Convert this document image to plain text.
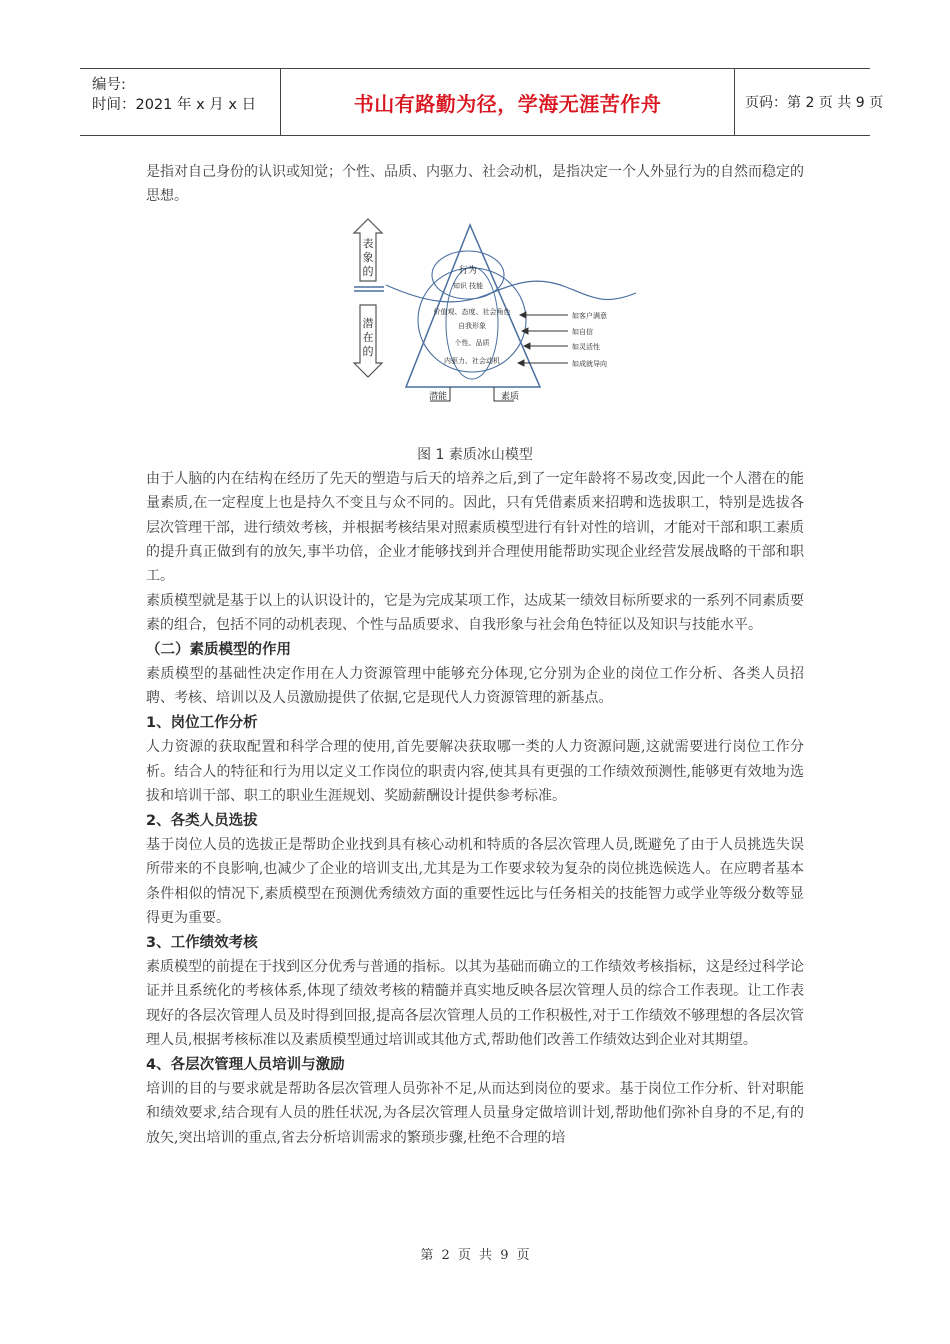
编号:
时间：2021 年 x 月 x 日	书山有路勤为径，学海无涯苦作舟	页码：第 2 页 共 9 页

是指对自己身份的认识或知觉；个性、品质、内驱力、社会动机，是指决定一个人外显行为的自然而稳定的思想。

表
象
的
潜
在
的
行为
知识 技能
价值观、态度、社会角色
自我形象
个性、品质
内驱力、社会动机
潜能	素质
如客户满意
如自信
如灵活性
如成就导向
图 1 素质冰山模型

由于人脑的内在结构在经历了先天的塑造与后天的培养之后,到了一定年龄将不易改变,因此一个人潜在的能量素质,在一定程度上也是持久不变且与众不同的。因此，只有凭借素质来招聘和选拔职工，特别是选拔各层次管理干部，进行绩效考核，并根据考核结果对照素质模型进行有针对性的培训，才能对干部和职工素质的提升真正做到有的放矢,事半功倍，企业才能够找到并合理使用能帮助实现企业经营发展战略的干部和职工。

素质模型就是基于以上的认识设计的，它是为完成某项工作，达成某一绩效目标所要求的一系列不同素质要素的组合，包括不同的动机表现、个性与品质要求、自我形象与社会角色特征以及知识与技能水平。

（二）素质模型的作用

素质模型的基础性决定作用在人力资源管理中能够充分体现,它分别为企业的岗位工作分析、各类人员招聘、考核、培训以及人员激励提供了依据,它是现代人力资源管理的新基点。

1、岗位工作分析

人力资源的获取配置和科学合理的使用,首先要解决获取哪一类的人力资源问题,这就需要进行岗位工作分析。结合人的特征和行为用以定义工作岗位的职责内容,使其具有更强的工作绩效预测性,能够更有效地为选拔和培训干部、职工的职业生涯规划、奖励薪酬设计提供参考标准。

2、各类人员选拔

基于岗位人员的选拔正是帮助企业找到具有核心动机和特质的各层次管理人员,既避免了由于人员挑选失误所带来的不良影响,也减少了企业的培训支出,尤其是为工作要求较为复杂的岗位挑选候选人。在应聘者基本条件相似的情况下,素质模型在预测优秀绩效方面的重要性远比与任务相关的技能智力或学业等级分数等显得更为重要。

3、工作绩效考核

素质模型的前提在于找到区分优秀与普通的指标。以其为基础而确立的工作绩效考核指标，这是经过科学论证并且系统化的考核体系,体现了绩效考核的精髓并真实地反映各层次管理人员的综合工作表现。让工作表现好的各层次管理人员及时得到回报,提高各层次管理人员的工作积极性,对于工作绩效不够理想的各层次管理人员,根据考核标准以及素质模型通过培训或其他方式,帮助他们改善工作绩效达到企业对其期望。

4、各层次管理人员培训与激励

培训的目的与要求就是帮助各层次管理人员弥补不足,从而达到岗位的要求。基于岗位工作分析、针对职能和绩效要求,结合现有人员的胜任状况,为各层次管理人员量身定做培训计划,帮助他们弥补自身的不足,有的放矢,突出培训的重点,省去分析培训需求的繁琐步骤,杜绝不合理的培

第 2 页 共 9 页
